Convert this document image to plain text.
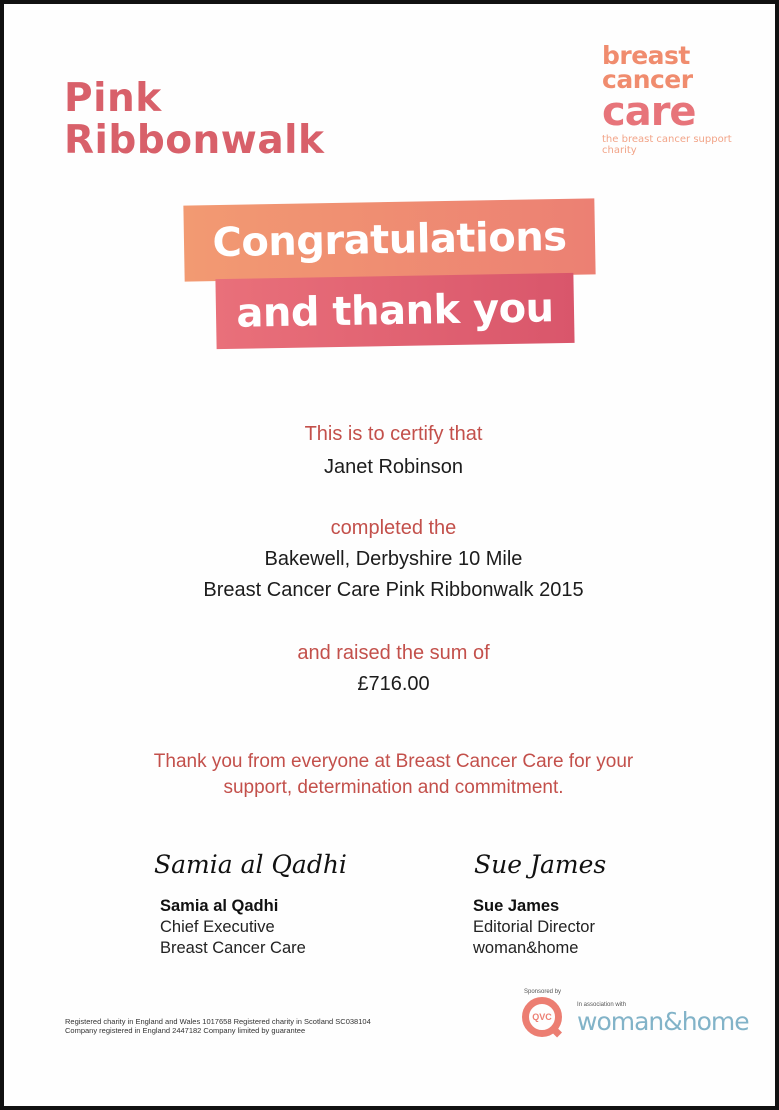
Pink
Ribbonwalk
breast
cancer
care
the breast cancer support charity
Congratulations
and thank you
This is to certify that
Janet Robinson
completed the
Bakewell, Derbyshire 10 Mile
Breast Cancer Care Pink Ribbonwalk 2015
and raised the sum of
£716.00
Thank you from everyone at Breast Cancer Care for your
support, determination and commitment.
Samia al Qadhi
Samia al Qadhi
Chief Executive
Breast Cancer Care
Sue James
Sue James
Editorial Director
woman&home
Registered charity in England and Wales 1017658 Registered charity in Scotland SC038104
Company registered in England 2447182 Company limited by guarantee
Sponsored by
QVC
In association with
woman&home
